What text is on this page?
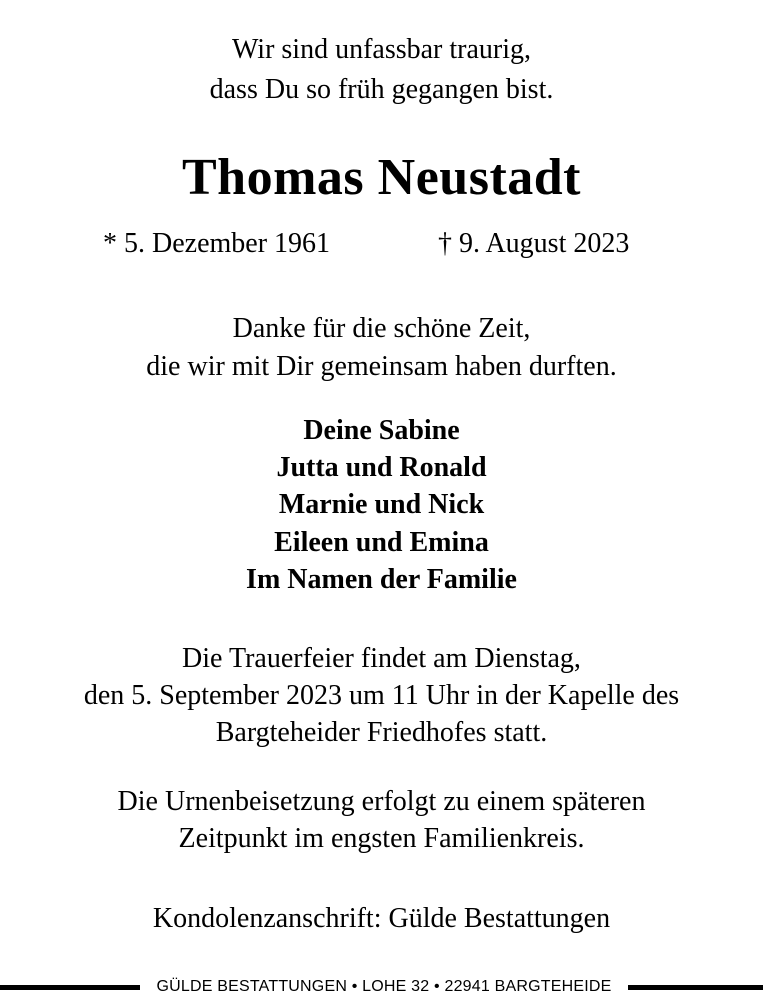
Wir sind unfassbar traurig,
dass Du so früh gegangen bist.
Thomas Neustadt
* 5. Dezember 1961	† 9. August 2023
Danke für die schöne Zeit,
die wir mit Dir gemeinsam haben durften.
Deine Sabine
Jutta und Ronald
Marnie und Nick
Eileen und Emina
Im Namen der Familie
Die Trauerfeier findet am Dienstag,
den 5. September 2023 um 11 Uhr in der Kapelle des
Bargteheider Friedhofes statt.
Die Urnenbeisetzung erfolgt zu einem späteren
Zeitpunkt im engsten Familienkreis.
Kondolenzanschrift: Gülde Bestattungen
GÜLDE BESTATTUNGEN • LOHE 32 • 22941 BARGTEHEIDE
